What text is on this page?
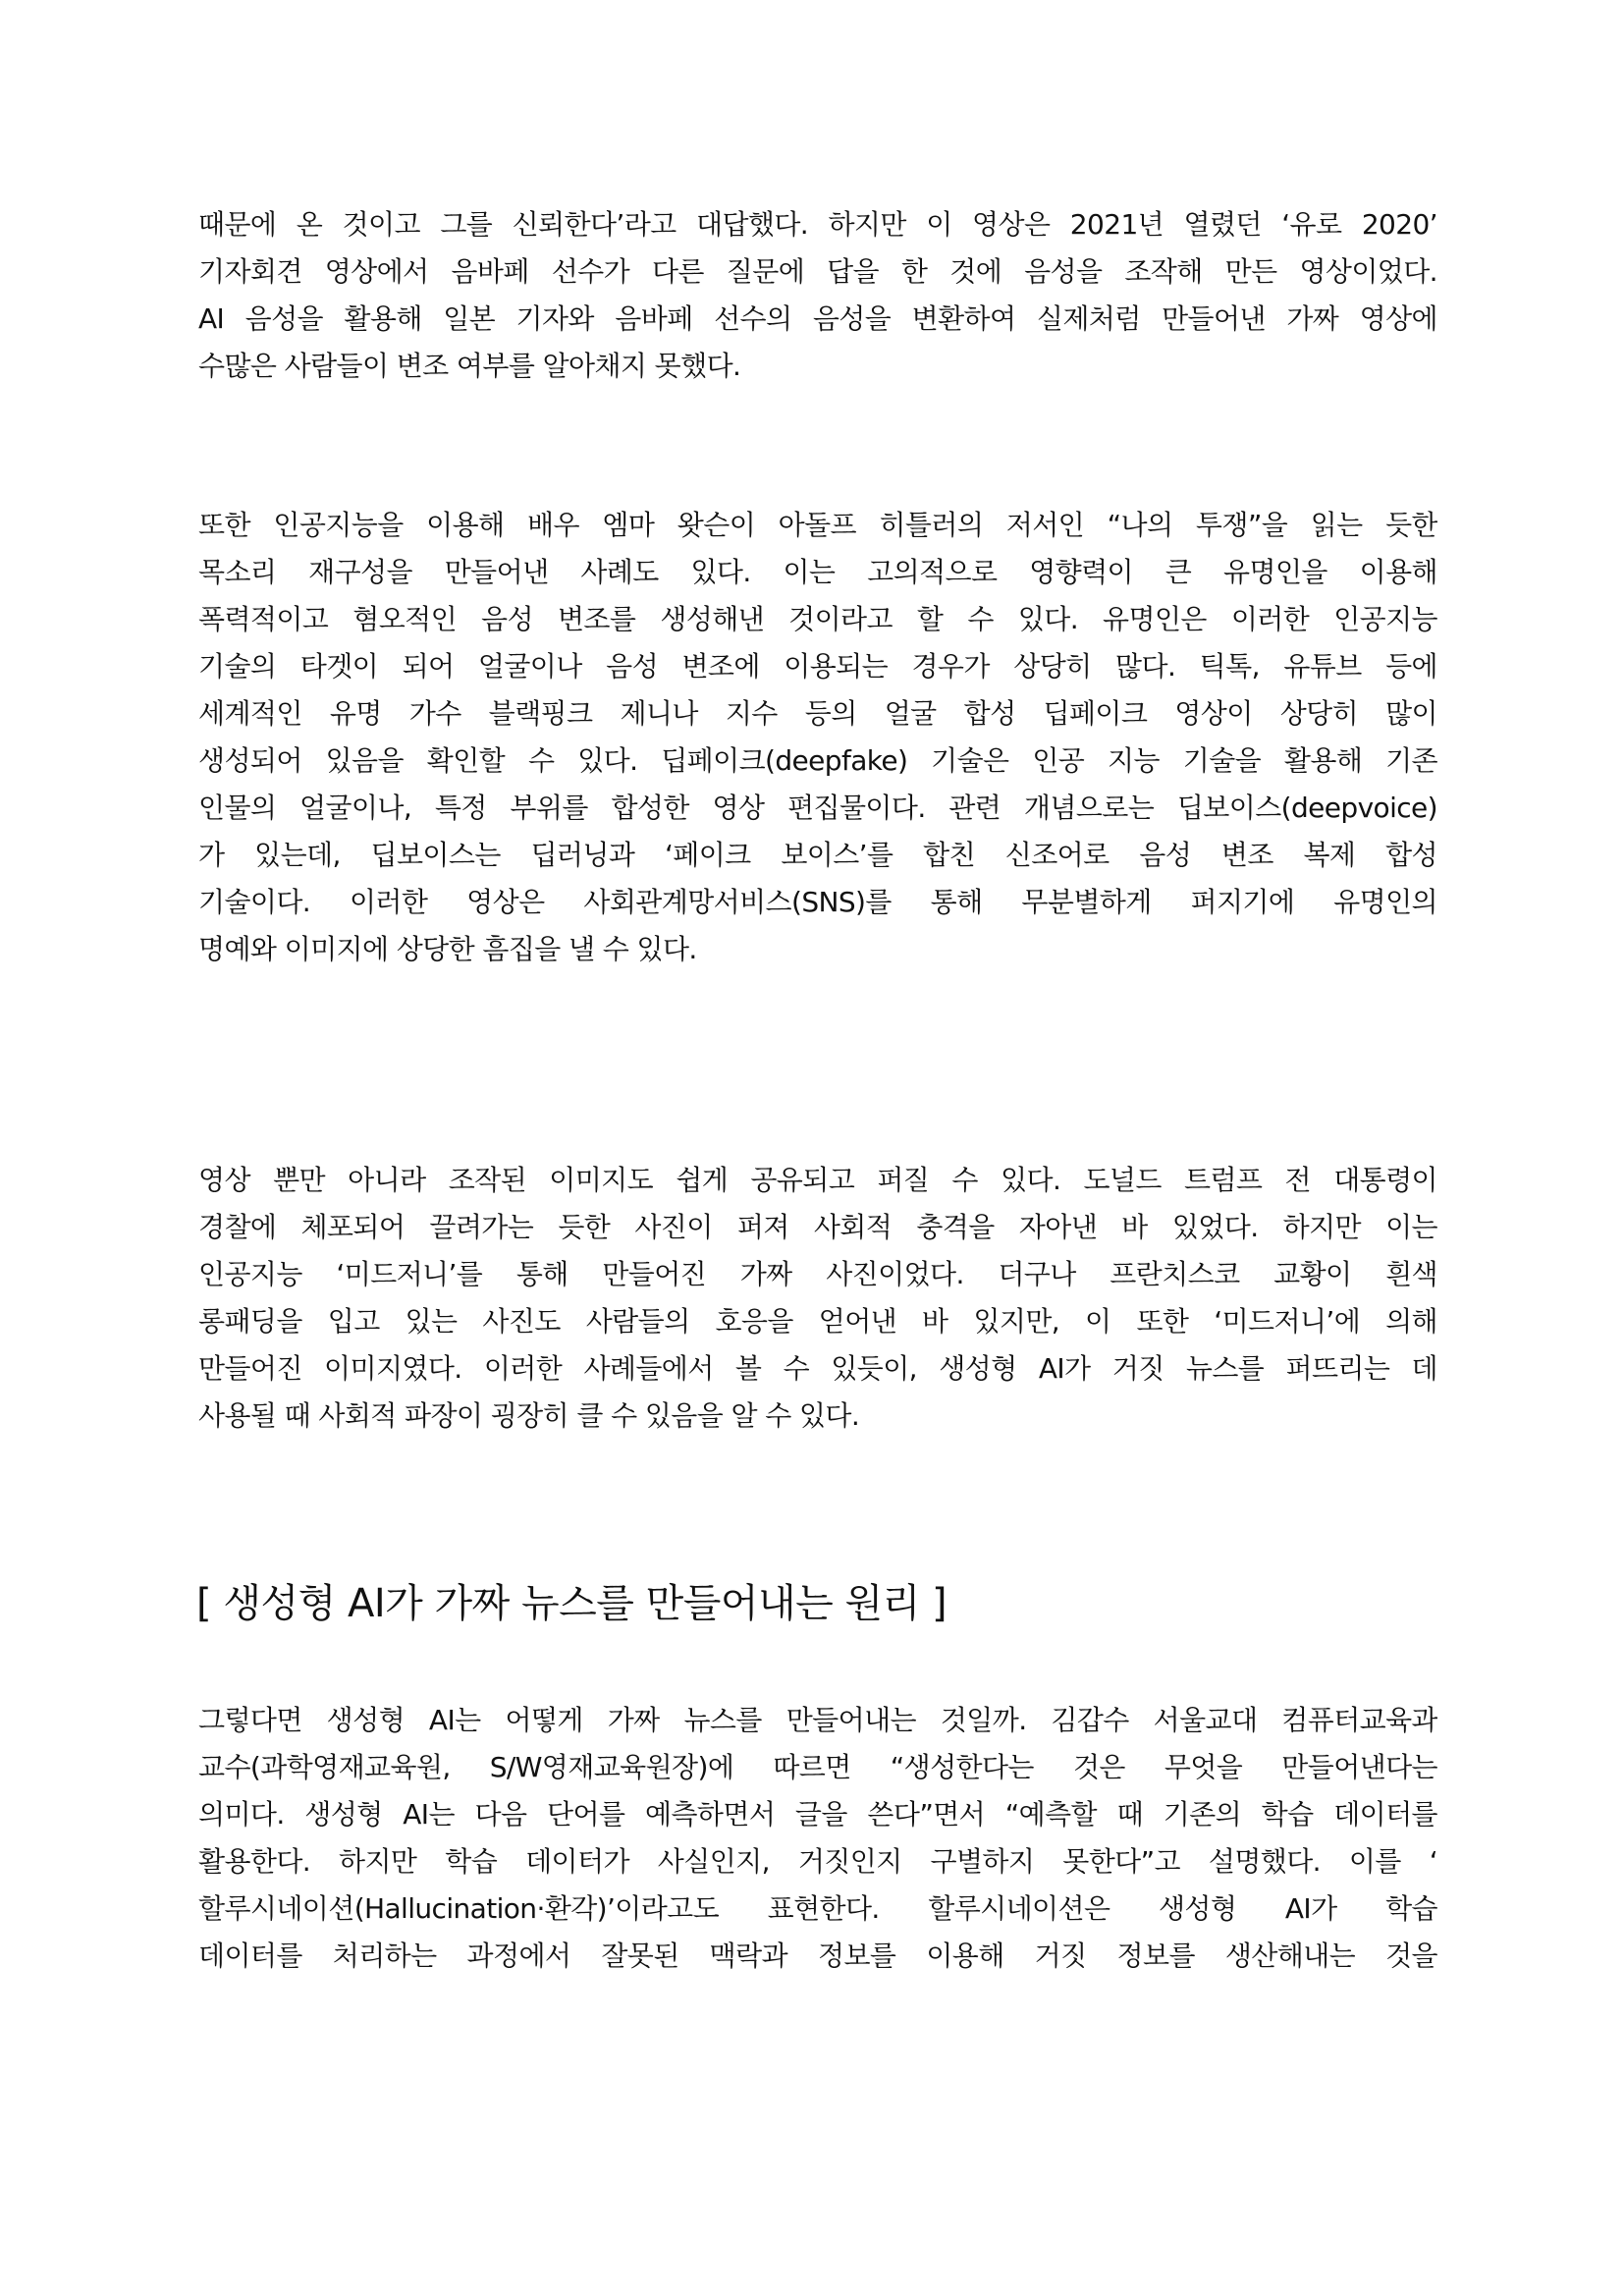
때문에 온 것이고 그를 신뢰한다’라고 대답했다. 하지만 이 영상은 2021년 열렸던 ‘유로 2020’
기자회견 영상에서 음바페 선수가 다른 질문에 답을 한 것에 음성을 조작해 만든 영상이었다.
AI 음성을 활용해 일본 기자와 음바페 선수의 음성을 변환하여 실제처럼 만들어낸 가짜 영상에
수많은 사람들이 변조 여부를 알아채지 못했다.
또한 인공지능을 이용해 배우 엠마 왓슨이 아돌프 히틀러의 저서인 “나의 투쟁”을 읽는 듯한
목소리 재구성을 만들어낸 사례도 있다. 이는 고의적으로 영향력이 큰 유명인을 이용해
폭력적이고 혐오적인 음성 변조를 생성해낸 것이라고 할 수 있다. 유명인은 이러한 인공지능
기술의 타겟이 되어 얼굴이나 음성 변조에 이용되는 경우가 상당히 많다. 틱톡, 유튜브 등에
세계적인 유명 가수 블랙핑크 제니나 지수 등의 얼굴 합성 딥페이크 영상이 상당히 많이
생성되어 있음을 확인할 수 있다. 딥페이크(deepfake) 기술은 인공 지능 기술을 활용해 기존
인물의 얼굴이나, 특정 부위를 합성한 영상 편집물이다. 관련 개념으로는 딥보이스(deepvoice)
가 있는데, 딥보이스는 딥러닝과 ‘페이크 보이스’를 합친 신조어로 음성 변조 복제 합성
기술이다. 이러한 영상은 사회관계망서비스(SNS)를 통해 무분별하게 퍼지기에 유명인의
명예와 이미지에 상당한 흠집을 낼 수 있다.
영상 뿐만 아니라 조작된 이미지도 쉽게 공유되고 퍼질 수 있다. 도널드 트럼프 전 대통령이
경찰에 체포되어 끌려가는 듯한 사진이 퍼져 사회적 충격을 자아낸 바 있었다. 하지만 이는
인공지능 ‘미드저니’를 통해 만들어진 가짜 사진이었다. 더구나 프란치스코 교황이 흰색
롱패딩을 입고 있는 사진도 사람들의 호응을 얻어낸 바 있지만, 이 또한 ‘미드저니’에 의해
만들어진 이미지였다. 이러한 사례들에서 볼 수 있듯이, 생성형 AI가 거짓 뉴스를 퍼뜨리는 데
사용될 때 사회적 파장이 굉장히 클 수 있음을 알 수 있다.
[ 생성형 AI가 가짜 뉴스를 만들어내는 원리 ]
그렇다면 생성형 AI는 어떻게 가짜 뉴스를 만들어내는 것일까. 김갑수 서울교대 컴퓨터교육과
교수(과학영재교육원, S/W영재교육원장)에 따르면 “생성한다는 것은 무엇을 만들어낸다는
의미다. 생성형 AI는 다음 단어를 예측하면서 글을 쓴다”면서 “예측할 때 기존의 학습 데이터를
활용한다. 하지만 학습 데이터가 사실인지, 거짓인지 구별하지 못한다”고 설명했다. 이를 ‘
할루시네이션(Hallucination·환각)’이라고도 표현한다. 할루시네이션은 생성형 AI가 학습
데이터를 처리하는 과정에서 잘못된 맥락과 정보를 이용해 거짓 정보를 생산해내는 것을
